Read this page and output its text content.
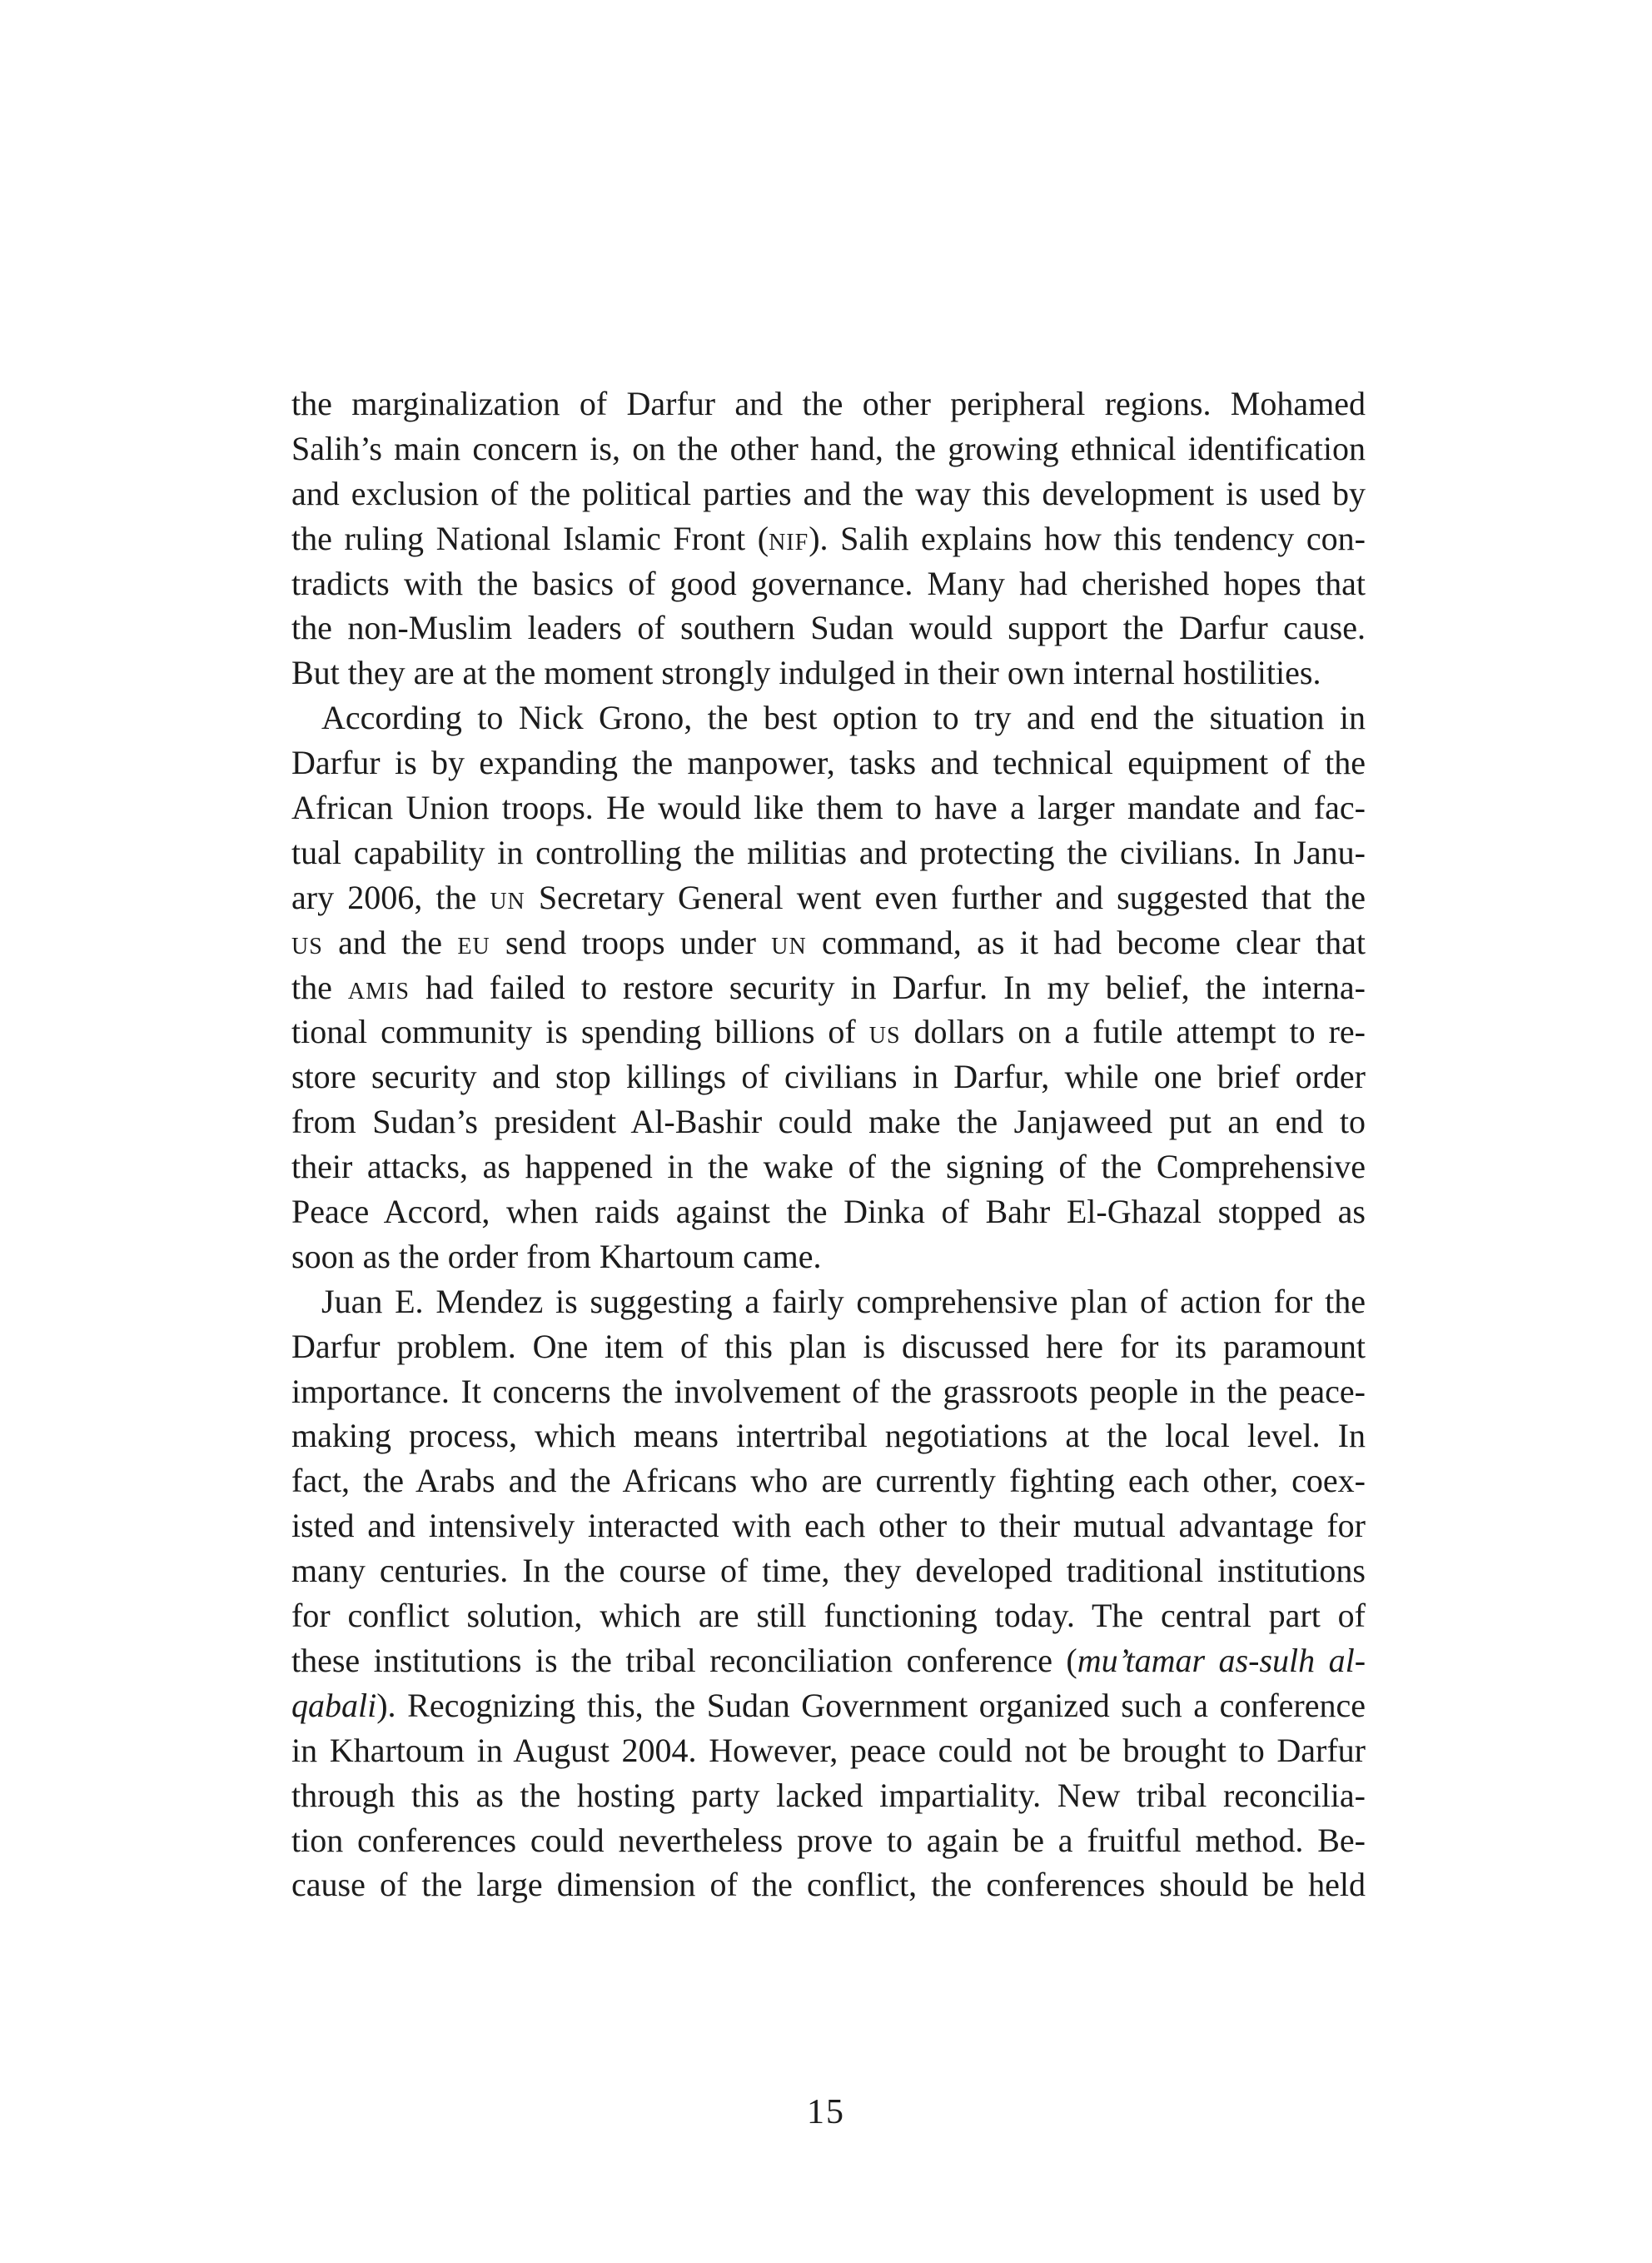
the marginalization of Darfur and the other peripheral regions. Mohamed
Salih’s main concern is, on the other hand, the growing ethnical identification
and exclusion of the political parties and the way this development is used by
the ruling National Islamic Front (nif). Salih explains how this tendency con-
tradicts with the basics of good governance. Many had cherished hopes that
the non-Muslim leaders of southern Sudan would support the Darfur cause.
But they are at the moment strongly indulged in their own internal hostilities.
According to Nick Grono, the best option to try and end the situation in
Darfur is by expanding the manpower, tasks and technical equipment of the
African Union troops. He would like them to have a larger mandate and fac-
tual capability in controlling the militias and protecting the civilians. In Janu-
ary 2006, the un Secretary General went even further and suggested that the
us and the eu send troops under un command, as it had become clear that
the amis had failed to restore security in Darfur. In my belief, the interna-
tional community is spending billions of us dollars on a futile attempt to re-
store security and stop killings of civilians in Darfur, while one brief order
from Sudan’s president Al-Bashir could make the Janjaweed put an end to
their attacks, as happened in the wake of the signing of the Comprehensive
Peace Accord, when raids against the Dinka of Bahr El-Ghazal stopped as
soon as the order from Khartoum came.
Juan E. Mendez is suggesting a fairly comprehensive plan of action for the
Darfur problem. One item of this plan is discussed here for its paramount
importance. It concerns the involvement of the grassroots people in the peace-
making process, which means intertribal negotiations at the local level. In
fact, the Arabs and the Africans who are currently fighting each other, coex-
isted and intensively interacted with each other to their mutual advantage for
many centuries. In the course of time, they developed traditional institutions
for conflict solution, which are still functioning today. The central part of
these institutions is the tribal reconciliation conference (mu’tamar as-sulh al-
qabali). Recognizing this, the Sudan Government organized such a conference
in Khartoum in August 2004. However, peace could not be brought to Darfur
through this as the hosting party lacked impartiality. New tribal reconcilia-
tion conferences could nevertheless prove to again be a fruitful method. Be-
cause of the large dimension of the conflict, the conferences should be held
15
